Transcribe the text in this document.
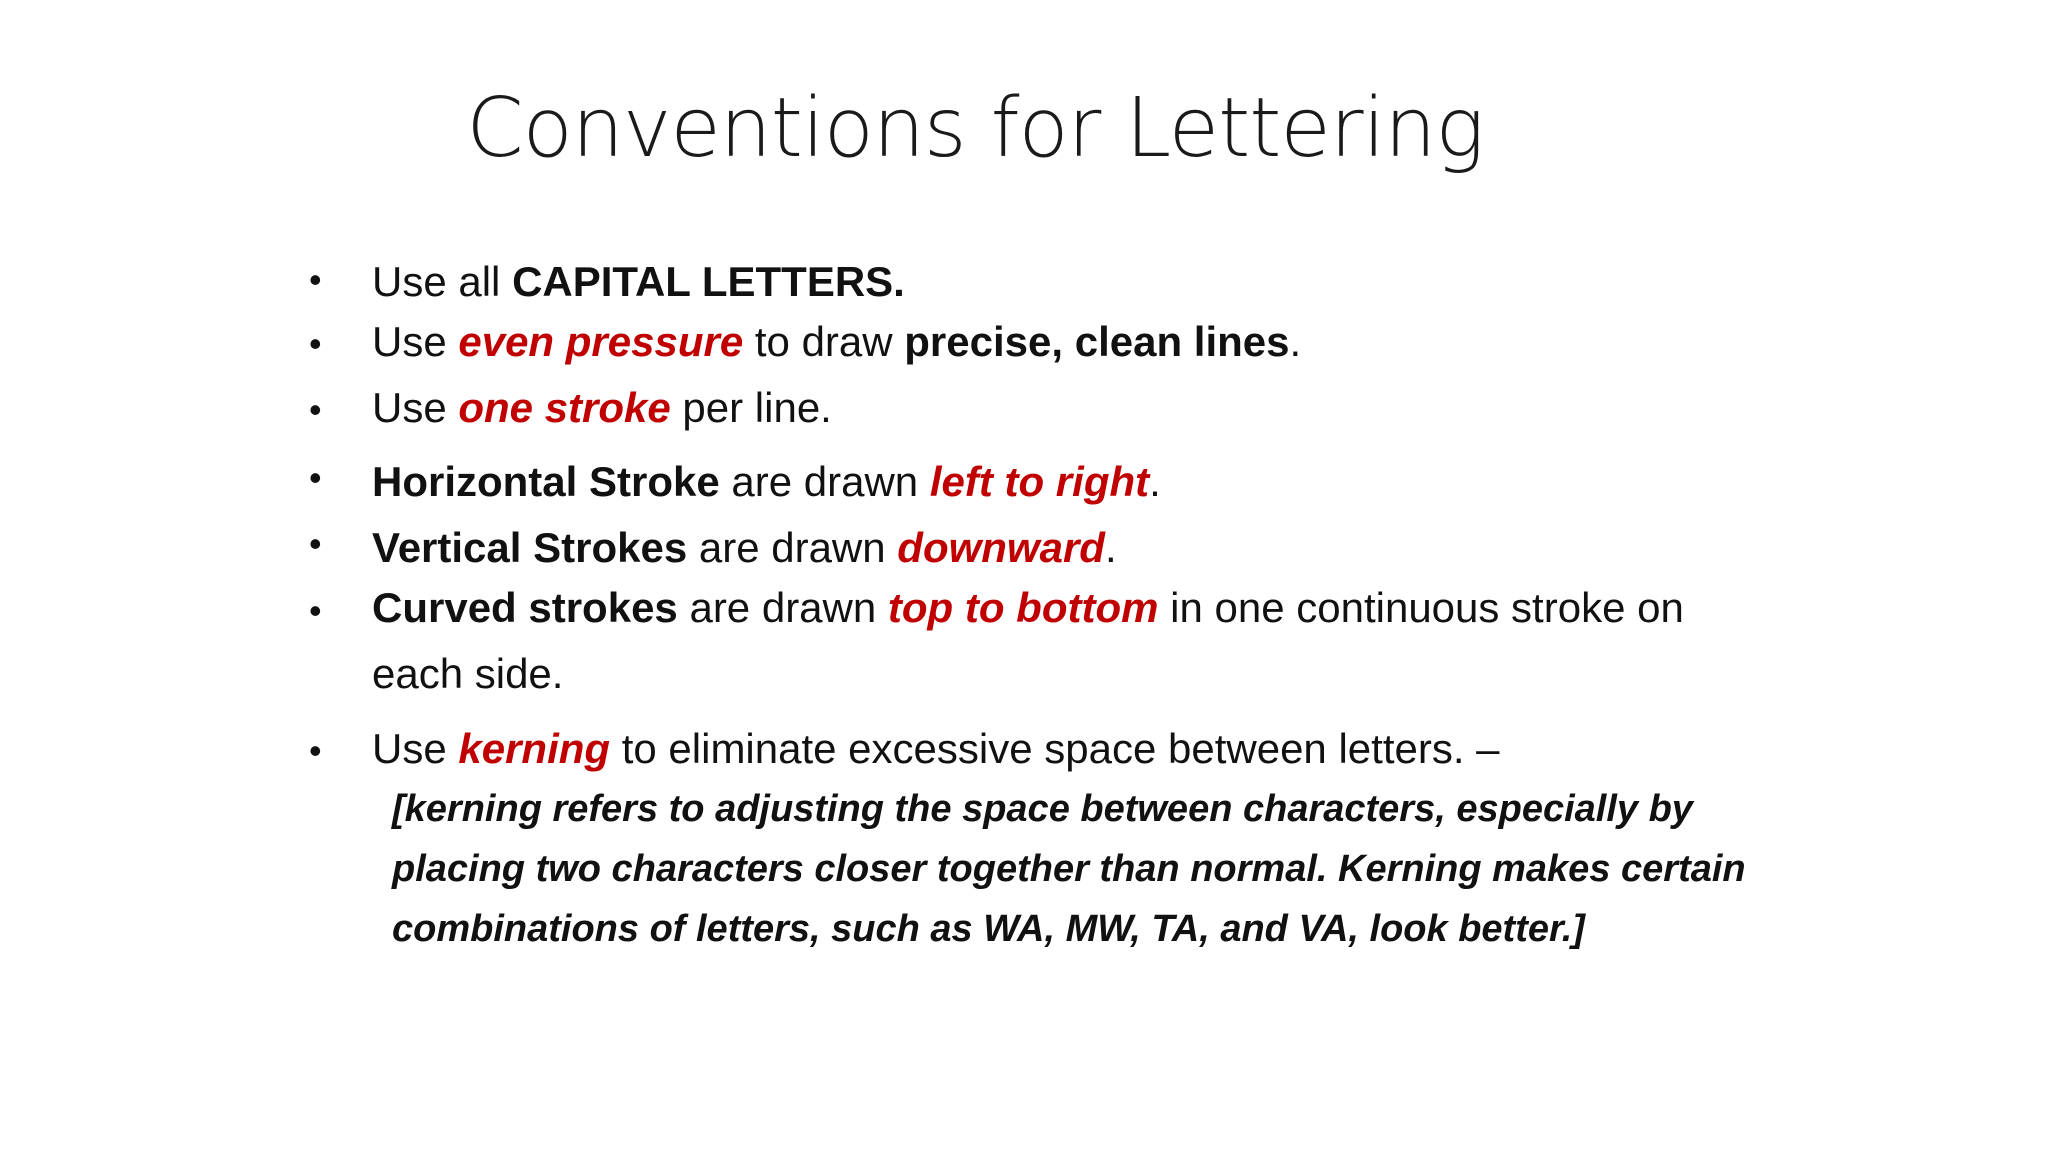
Conventions for Lettering
• Use all CAPITAL LETTERS.
• Use even pressure to draw precise, clean lines.
• Use one stroke per line.
• Horizontal Stroke are drawn left to right.
• Vertical Strokes are drawn downward.
• Curved strokes are drawn top to bottom in one continuous stroke on each side.
• Use kerning to eliminate excessive space between letters. –
[kerning refers to adjusting the space between characters, especially by placing two characters closer together than normal. Kerning makes certain combinations of letters, such as WA, MW, TA, and VA, look better.]
